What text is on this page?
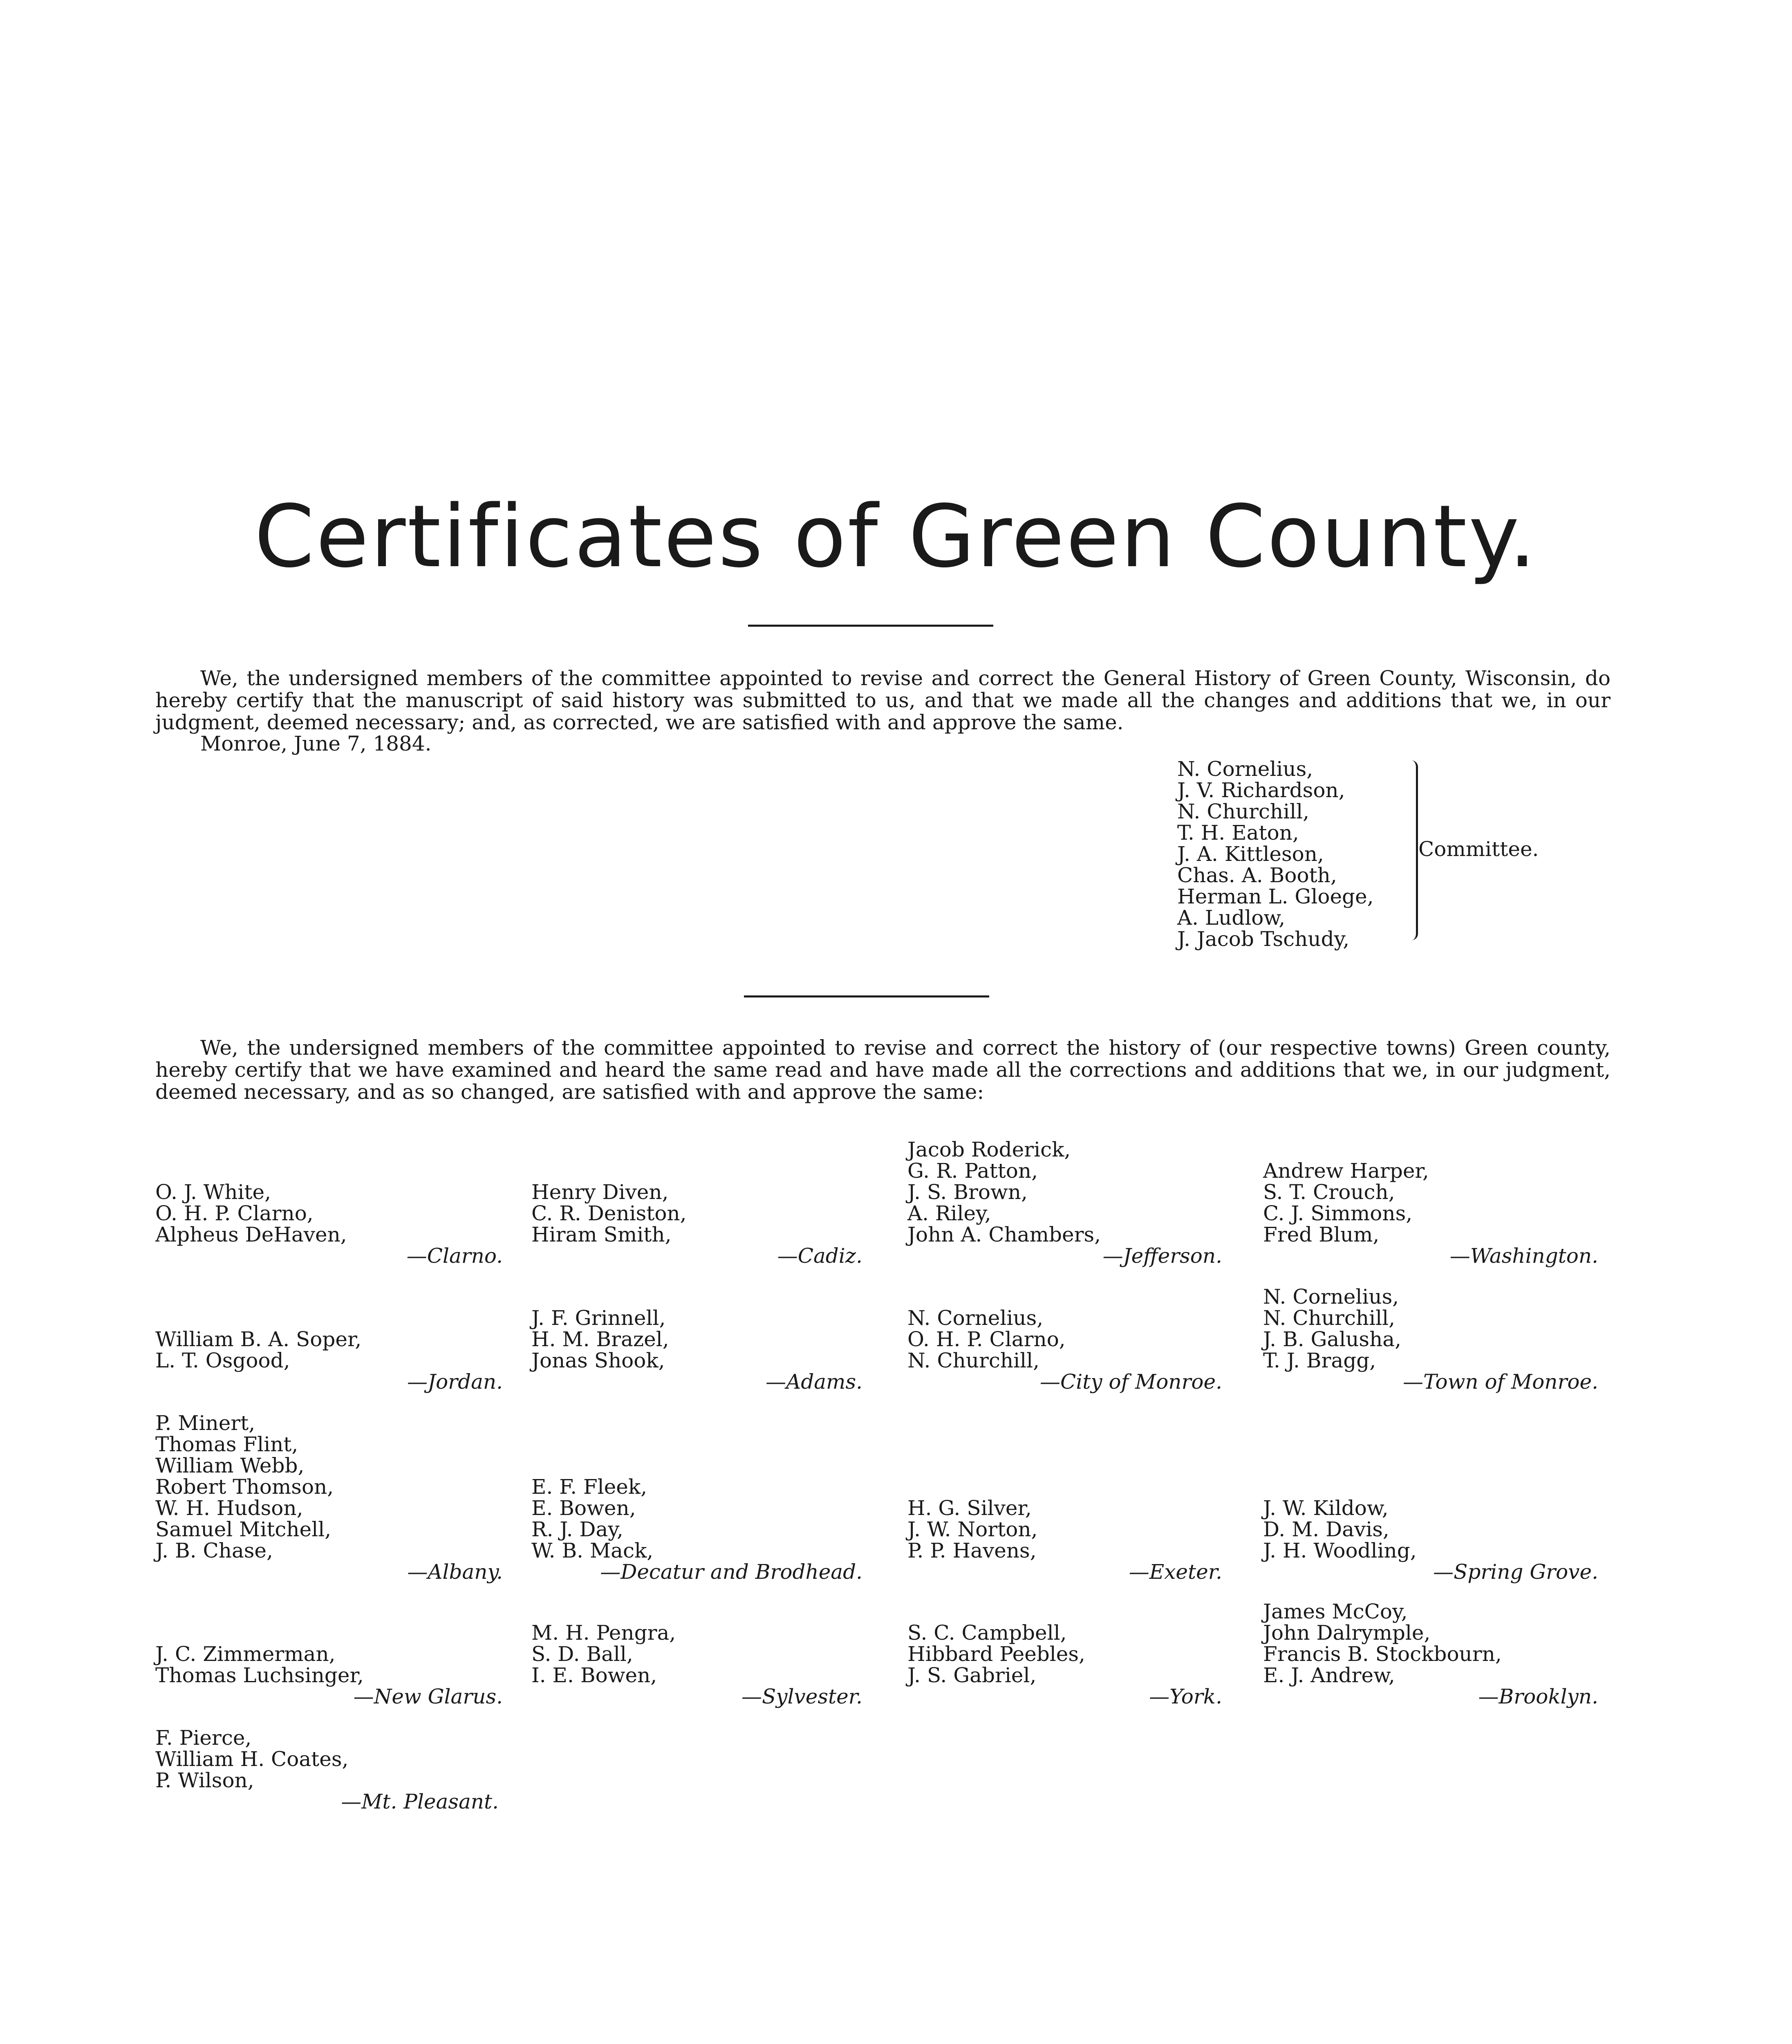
Certificates of Green County.

We, the undersigned members of the committee appointed to revise and correct the General History of Green County, Wisconsin, do hereby certify that the manuscript of said history was submitted to us, and that we made all the changes and additions that we, in our judgment, deemed necessary; and, as corrected, we are satisfied with and approve the same.

Monroe, June 7, 1884.
N. Cornelius,
J. V. Richardson,
N. Churchill,
T. H. Eaton,
J. A. Kittleson,
Chas. A. Booth,
Herman L. Gloege,
A. Ludlow,
J. Jacob Tschudy,
Committee.

We, the undersigned members of the committee appointed to revise and correct the history of (our respective towns) Green county, hereby certify that we have examined and heard the same read and have made all the corrections and additions that we, in our judgment, deemed necessary, and as so changed, are satisfied with and approve the same:

O. J. White,
O. H. P. Clarno,
Alpheus DeHaven,
—Clarno.
Henry Diven,
C. R. Deniston,
Hiram Smith,
—Cadiz.
Jacob Roderick,
G. R. Patton,
J. S. Brown,
A. Riley,
John A. Chambers,
—Jefferson.
Andrew Harper,
S. T. Crouch,
C. J. Simmons,
Fred Blum,
—Washington.
William B. A. Soper,
L. T. Osgood,
—Jordan.
J. F. Grinnell,
H. M. Brazel,
Jonas Shook,
—Adams.
N. Cornelius,
O. H. P. Clarno,
N. Churchill,
—City of Monroe.
N. Cornelius,
N. Churchill,
J. B. Galusha,
T. J. Bragg,
—Town of Monroe.
P. Minert,
Thomas Flint,
William Webb,
Robert Thomson,
W. H. Hudson,
Samuel Mitchell,
J. B. Chase,
—Albany.
E. F. Fleek,
E. Bowen,
R. J. Day,
W. B. Mack,
—Decatur and Brodhead.
H. G. Silver,
J. W. Norton,
P. P. Havens,
—Exeter.
J. W. Kildow,
D. M. Davis,
J. H. Woodling,
—Spring Grove.
J. C. Zimmerman,
Thomas Luchsinger,
—New Glarus.
M. H. Pengra,
S. D. Ball,
I. E. Bowen,
—Sylvester.
S. C. Campbell,
Hibbard Peebles,
J. S. Gabriel,
—York.
James McCoy,
John Dalrymple,
Francis B. Stockbourn,
E. J. Andrew,
—Brooklyn.
F. Pierce,
William H. Coates,
P. Wilson,
—Mt. Pleasant.
